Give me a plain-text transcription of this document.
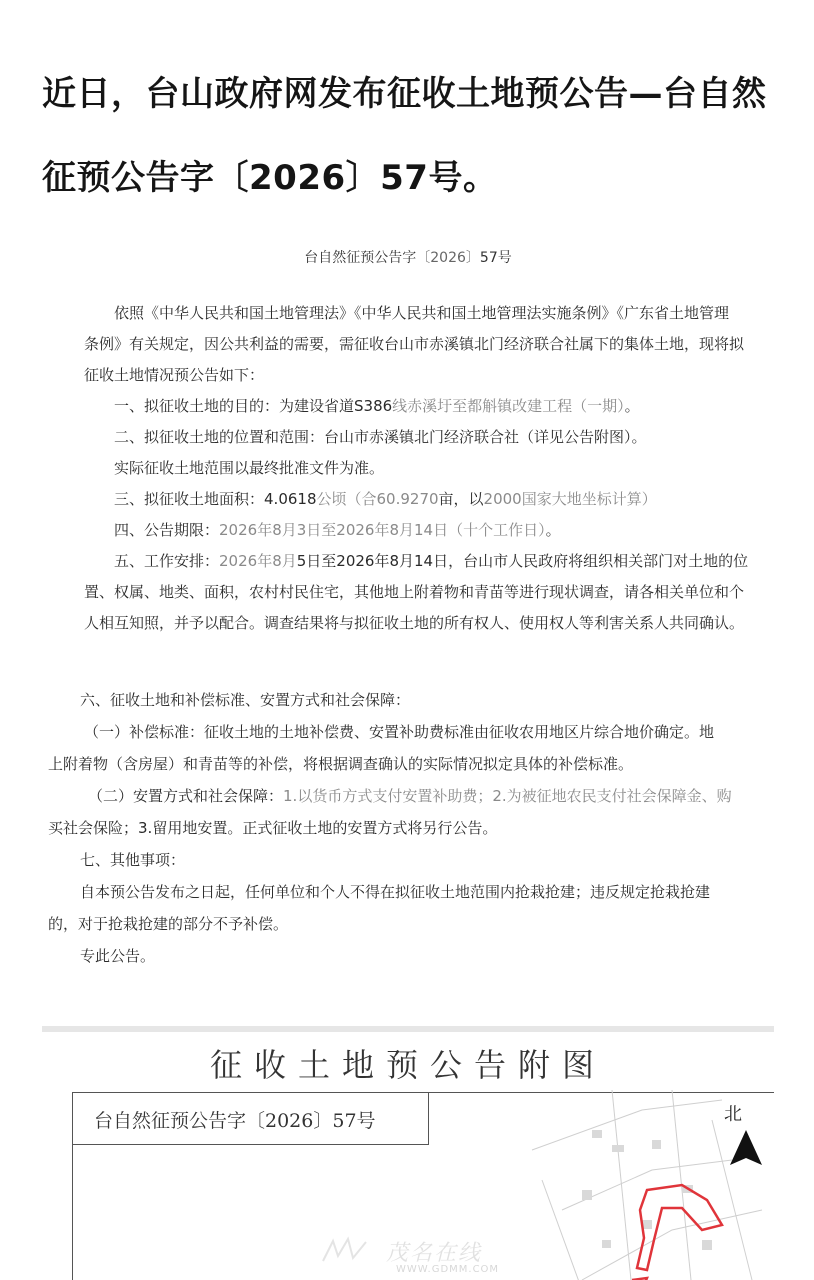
近日，台山政府网发布征收土地预公告—台自然
征预公告字〔2026〕57号。
台自然征预公告字〔2026〕57号

依照《中华人民共和国土地管理法》《中华人民共和国土地管理法实施条例》《广东省土地管理

条例》有关规定，因公共利益的需要，需征收台山市赤溪镇北门经济联合社属下的集体土地，现将拟

征收土地情况预公告如下：

一、拟征收土地的目的：为建设省道S386线赤溪圩至都斛镇改建工程（一期）。

二、拟征收土地的位置和范围：台山市赤溪镇北门经济联合社（详见公告附图）。

实际征收土地范围以最终批准文件为准。

三、拟征收土地面积：4.0618公顷（合60.9270亩，以2000国家大地坐标计算）

四、公告期限：2026年8月3日至2026年8月14日（十个工作日）。

五、工作安排：2026年8月5日至2026年8月14日，台山市人民政府将组织相关部门对土地的位

置、权属、地类、面积，农村村民住宅，其他地上附着物和青苗等进行现状调查，请各相关单位和个

人相互知照，并予以配合。调查结果将与拟征收土地的所有权人、使用权人等利害关系人共同确认。

六、征收土地和补偿标准、安置方式和社会保障：

（一）补偿标准：征收土地的土地补偿费、安置补助费标准由征收农用地区片综合地价确定。地

上附着物（含房屋）和青苗等的补偿，将根据调查确认的实际情况拟定具体的补偿标准。

（二）安置方式和社会保障：1.以货币方式支付安置补助费；2.为被征地农民支付社会保障金、购

买社会保险；3.留用地安置。正式征收土地的安置方式将另行公告。

七、其他事项：

自本预公告发布之日起，任何单位和个人不得在拟征收土地范围内抢栽抢建；违反规定抢栽抢建

的，对于抢栽抢建的部分不予补偿。

专此公告。

征收土地预公告附图
台自然征预公告字〔2026〕57号	北
茂名在线
WWW.GDMM.COM
